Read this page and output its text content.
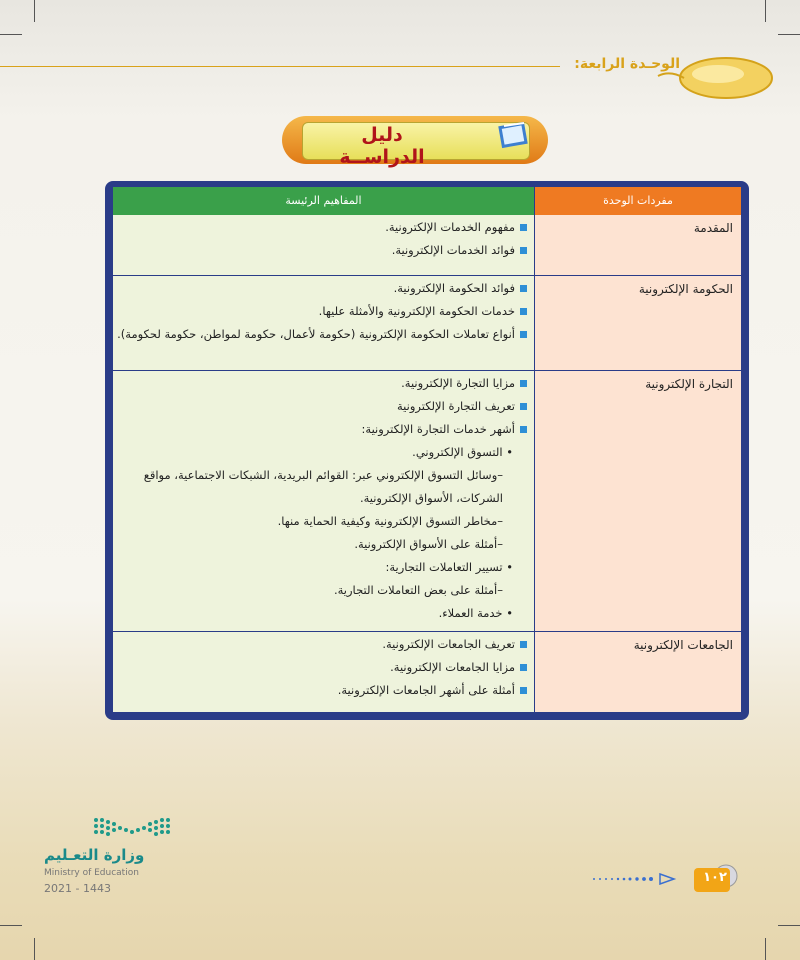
الوحـدة الرابعة:
دليل الدراســة
المفاهيم الرئيسة	مفردات الوحدة
المقدمة
مفهوم الخدمات الإلكترونية.
فوائد الخدمات الإلكترونية.
الحكومة الإلكترونية
فوائد الحكومة الإلكترونية.
خدمات الحكومة الإلكترونية والأمثلة عليها.
أنواع تعاملات الحكومة الإلكترونية (حكومة لأعمال، حكومة لمواطن، حكومة لحكومة).
التجارة الإلكترونية
مزايا التجارة الإلكترونية.
تعريف التجارة الإلكترونية
أشهر خدمات التجارة الإلكترونية:
• التسوق الإلكتروني.
–وسائل التسوق الإلكتروني عبر: القوائم البريدية، الشبكات الاجتماعية، مواقع الشركات، الأسواق الإلكترونية.
–مخاطر التسوق الإلكترونية وكيفية الحماية منها.
–أمثلة على الأسواق الإلكترونية.
• تسيير التعاملات التجارية:
–أمثلة على بعض التعاملات التجارية.
• خدمة العملاء.
الجامعات الإلكترونية
تعريف الجامعات الإلكترونية.
مزايا الجامعات الإلكترونية.
أمثلة على أشهر الجامعات الإلكترونية.
وزارة التعـليم
Ministry of Education
2021 - 1443
١٠٢
